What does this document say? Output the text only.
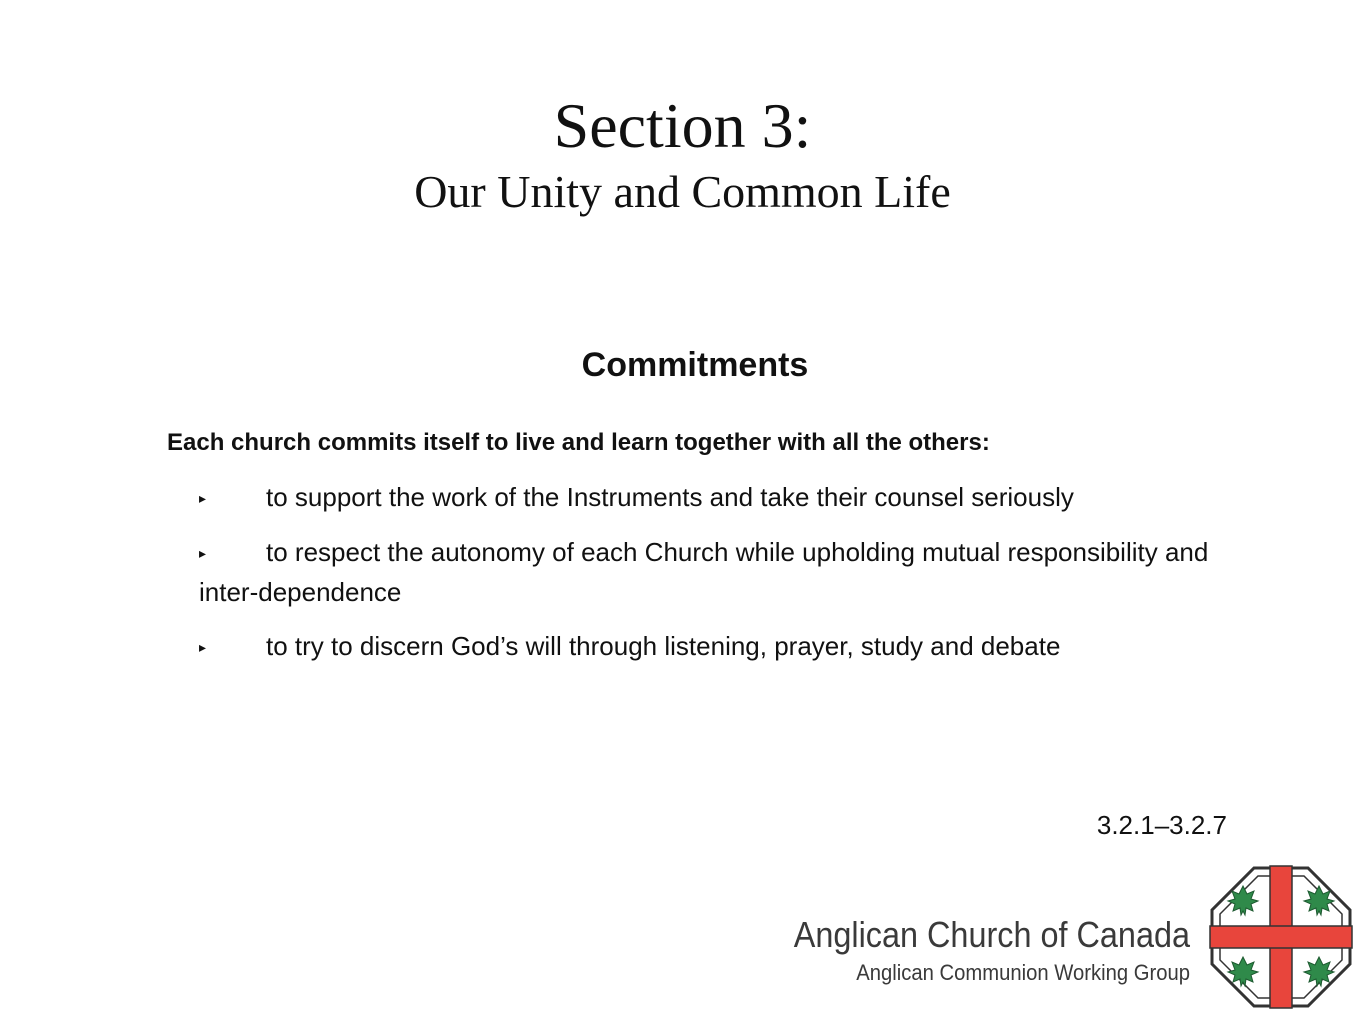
Section 3:
Our Unity and Common Life
Commitments

Each church commits itself to live and learn together with all the others:

▸ to support the work of the Instruments and take their counsel seriously
▸ to respect the autonomy of each Church while upholding mutual responsibility and inter-dependence
▸ to try to discern God’s will through listening, prayer, study and debate

3.2.1–3.2.7

Anglican Church of Canada
Anglican Communion Working Group
